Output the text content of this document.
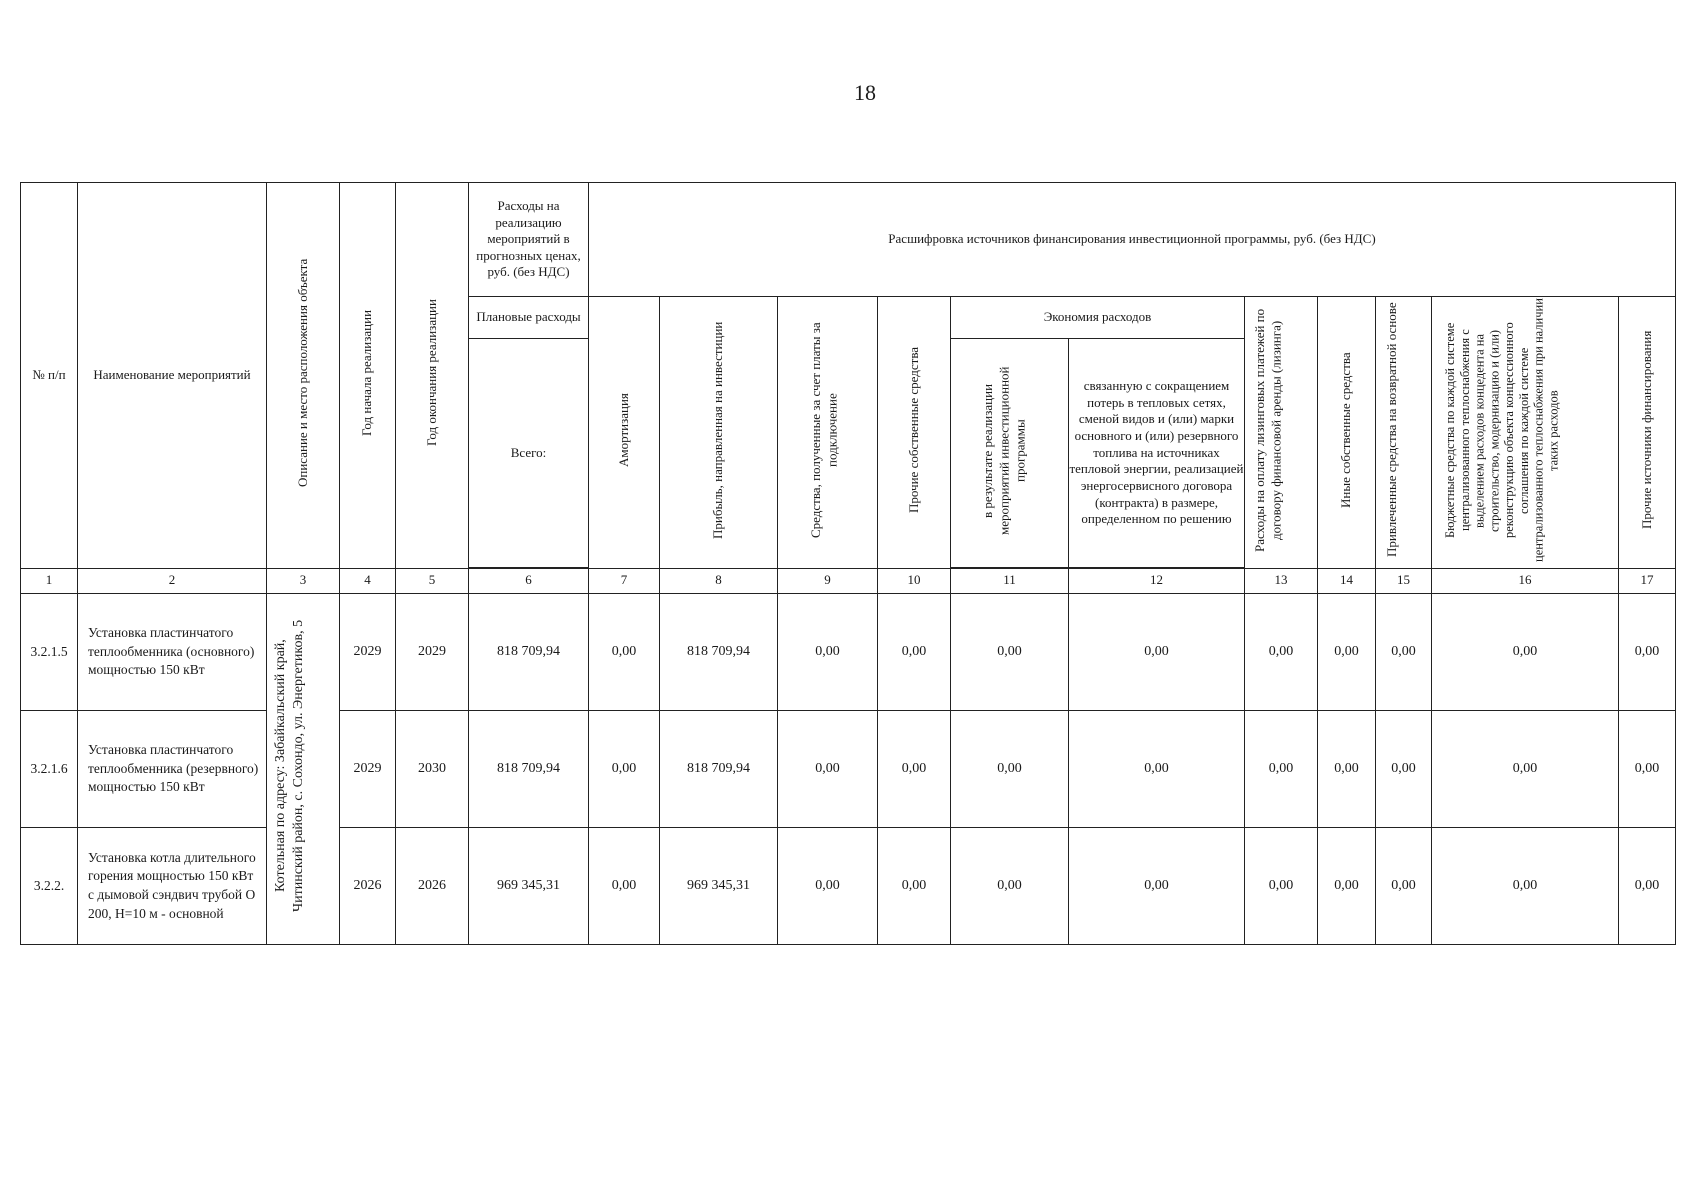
18
№ п/п	Наименование мероприятий	Описание и место расположения объекта	Год начала реализации	Год окончания реализации	Расходы на реализацию мероприятий в прогнозных ценах, руб. (без НДС)	Расшифровка источников финансирования инвестиционной программы, руб. (без НДС)										
					Плановые расходы	Амортизация	Прибыль, направленная на инвестиции	Средства, полученные за счет платы за подключение	Прочие собственные средства	Экономия расходов		Расходы на оплату лизинговых платежей по договору финансовой аренды (лизинга)	Иные собственные средства	Привлеченные средства на возвратной основе	Бюджетные средства по каждой системе централизованного теплоснабжения с выделением расходов концедента на строительство, модернизацию и (или) реконструкцию объекта концессионного соглашения по каждой системе централизованного теплоснабжения при наличии таких расходов	Прочие источники финансирования
					Всего:					в результате реализации мероприятий инвестиционной программы	связанную с сокращением потерь в тепловых сетях, сменой видов и (или) марки основного и (или) резервного топлива на источниках тепловой энергии, реализацией энергосервисного договора (контракта) в размере, определенном по решению					

1	2	3	4	5	6	7	8	9	10	11	12	13	14	15	16	17
3.2.1.5	Установка пластинчатого теплообменника (основного) мощностью 150 кВт	Котельная по адресу: Забайкальский край, Читинский район, с. Сохондо, ул. Энергетиков, 5	2029	2029	818 709,94	0,00	818 709,94	0,00	0,00	0,00	0,00	0,00	0,00	0,00	0,00	0,00
3.2.1.6	Установка пластинчатого теплообменника (резервного) мощностью 150 кВт		2029	2030	818 709,94	0,00	818 709,94	0,00	0,00	0,00	0,00	0,00	0,00	0,00	0,00	0,00
3.2.2.	Установка котла длительного горения мощностью 150 кВт с дымовой сэндвич трубой О 200, Н=10 м - основной		2026	2026	969 345,31	0,00	969 345,31	0,00	0,00	0,00	0,00	0,00	0,00	0,00	0,00	0,00
